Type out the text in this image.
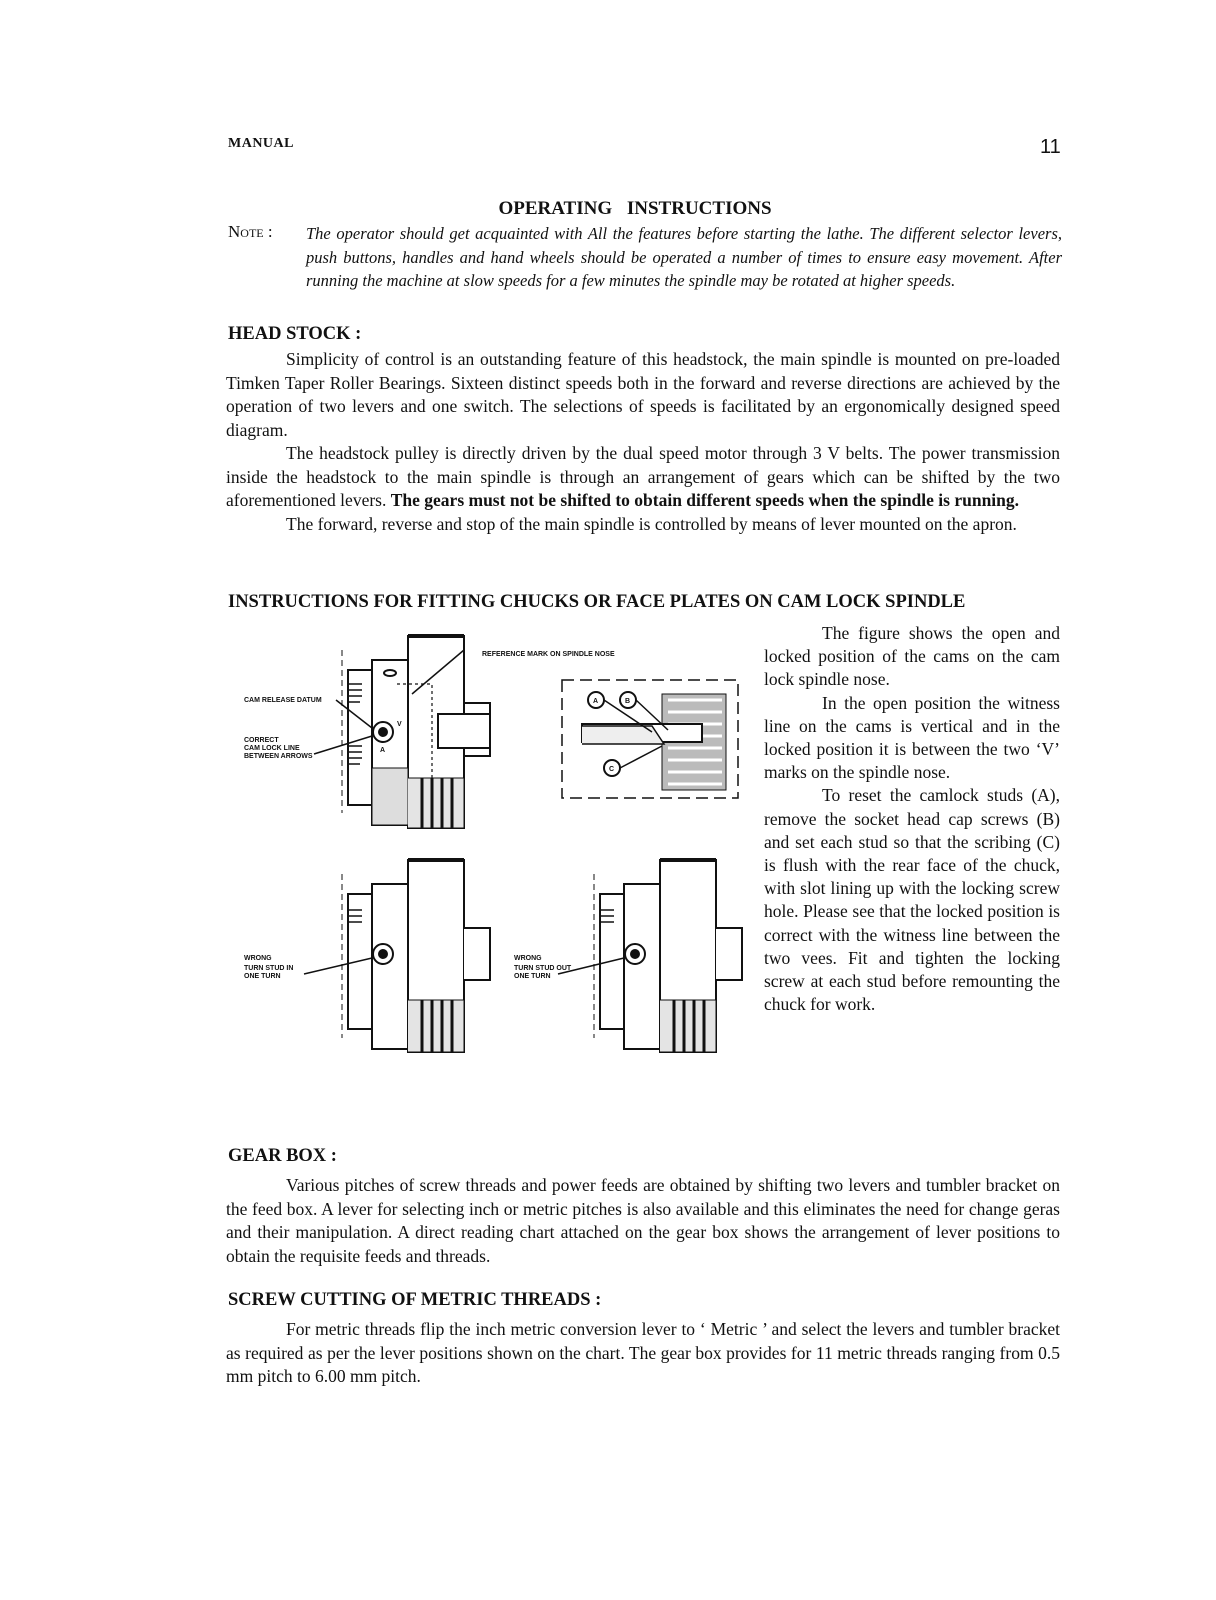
MANUAL	11
OPERATING INSTRUCTIONS
Note : The operator should get acquainted with All the features before starting the lathe. The different selector levers, push buttons, handles and hand wheels should be operated a number of times to ensure easy movement. After running the machine at slow speeds for a few minutes the spindle may be rotated at higher speeds.
HEAD STOCK :

Simplicity of control is an outstanding feature of this headstock, the main spindle is mounted on pre-loaded Timken Taper Roller Bearings. Sixteen distinct speeds both in the forward and reverse directions are achieved by the operation of two levers and one switch. The selections of speeds is facilitated by an ergonomically designed speed diagram.

The headstock pulley is directly driven by the dual speed motor through 3 V belts. The power transmission inside the headstock to the main spindle is through an arrangement of gears which can be shifted by the two aforementioned levers. The gears must not be shifted to obtain different speeds when the spindle is running.

The forward, reverse and stop of the main spindle is controlled by means of lever mounted on the apron.

INSTRUCTIONS FOR FITTING CHUCKS OR FACE PLATES ON CAM LOCK SPINDLE

The figure shows the open and locked position of the cams on the cam lock spindle nose.

In the open position the witness line on the cams is vertical and in the locked position it is between the two ‘V’ marks on the spindle nose.

To reset the camlock studs (A), remove the socket head cap screws (B) and set each stud so that the scribing (C) is flush with the rear face of the chuck, with slot lining up with the locking screw hole. Please see that the locked position is correct with the witness line between the two vees. Fit and tighten the locking screw at each stud before remounting the chuck for work.

REFERENCE MARK ON SPINDLE NOSE
CAM RELEASE DATUM
CORRECT
CAM LOCK LINE
BETWEEN ARROWS
WRONG
TURN STUD IN
ONE TURN
WRONG
TURN STUD OUT
ONE TURN
V
A
A	B
C
GEAR BOX :

Various pitches of screw threads and power feeds are obtained by shifting two levers and tumbler bracket on the feed box. A lever for selecting inch or metric pitches is also available and this eliminates the need for change geras and their manipulation. A direct reading chart attached on the gear box shows the arrangement of lever positions to obtain the requisite feeds and threads.

SCREW CUTTING OF METRIC THREADS :

For metric threads flip the inch metric conversion lever to ‘ Metric ’ and select the levers and tumbler bracket as required as per the lever positions shown on the chart. The gear box provides for 11 metric threads ranging from 0.5 mm pitch to 6.00 mm pitch.
